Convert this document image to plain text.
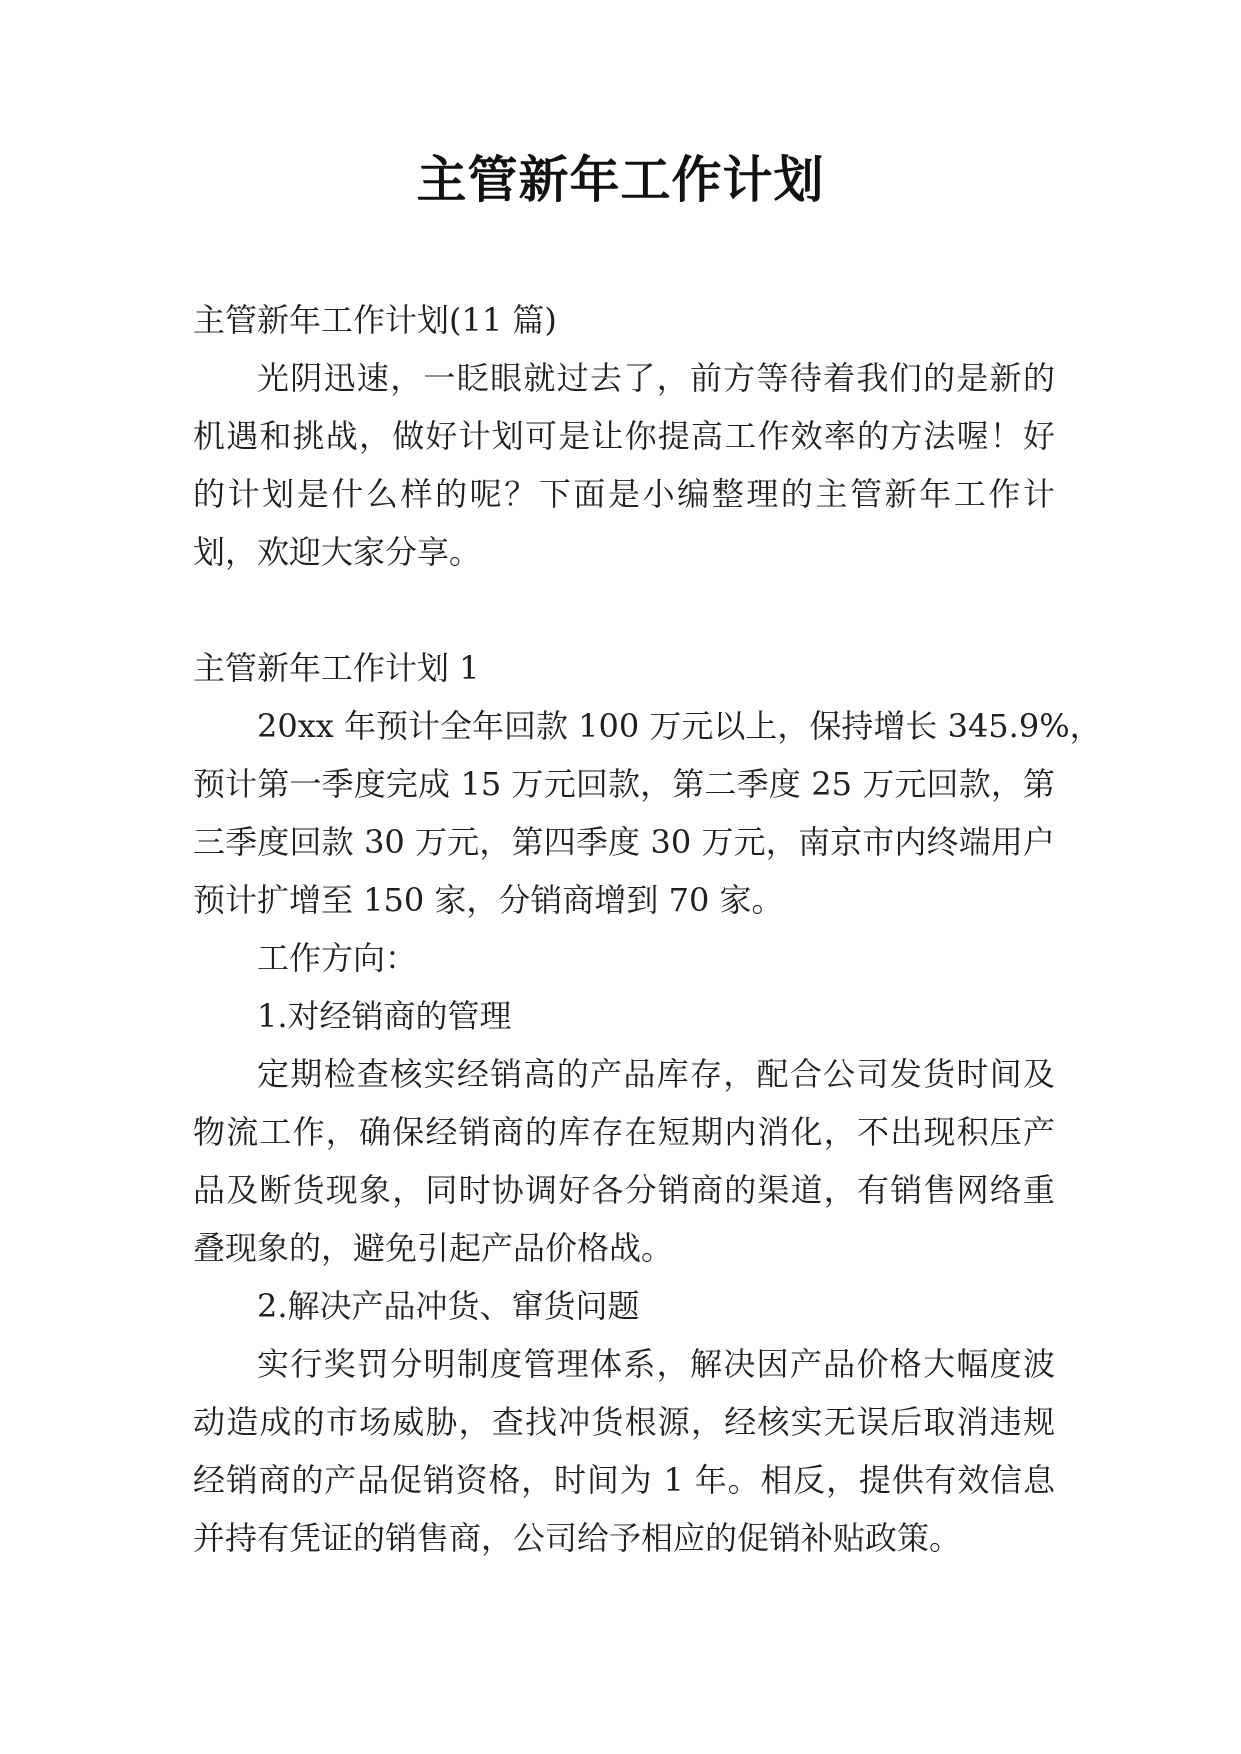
主管新年工作计划
主管新年工作计划(11 篇)
光阴迅速，一眨眼就过去了，前方等待着我们的是新的
机遇和挑战，做好计划可是让你提高工作效率的方法喔！好
的计划是什么样的呢？下面是小编整理的主管新年工作计
划，欢迎大家分享。
主管新年工作计划 1
20xx 年预计全年回款 100 万元以上，保持增长 345.9%，
预计第一季度完成 15 万元回款，第二季度 25 万元回款，第
三季度回款 30 万元，第四季度 30 万元，南京市内终端用户
预计扩增至 150 家，分销商增到 70 家。
工作方向：
1.对经销商的管理
定期检查核实经销高的产品库存，配合公司发货时间及
物流工作，确保经销商的库存在短期内消化，不出现积压产
品及断货现象，同时协调好各分销商的渠道，有销售网络重
叠现象的，避免引起产品价格战。
2.解决产品冲货、窜货问题
实行奖罚分明制度管理体系，解决因产品价格大幅度波
动造成的市场威胁，查找冲货根源，经核实无误后取消违规
经销商的产品促销资格，时间为 1 年。相反，提供有效信息
并持有凭证的销售商，公司给予相应的促销补贴政策。
